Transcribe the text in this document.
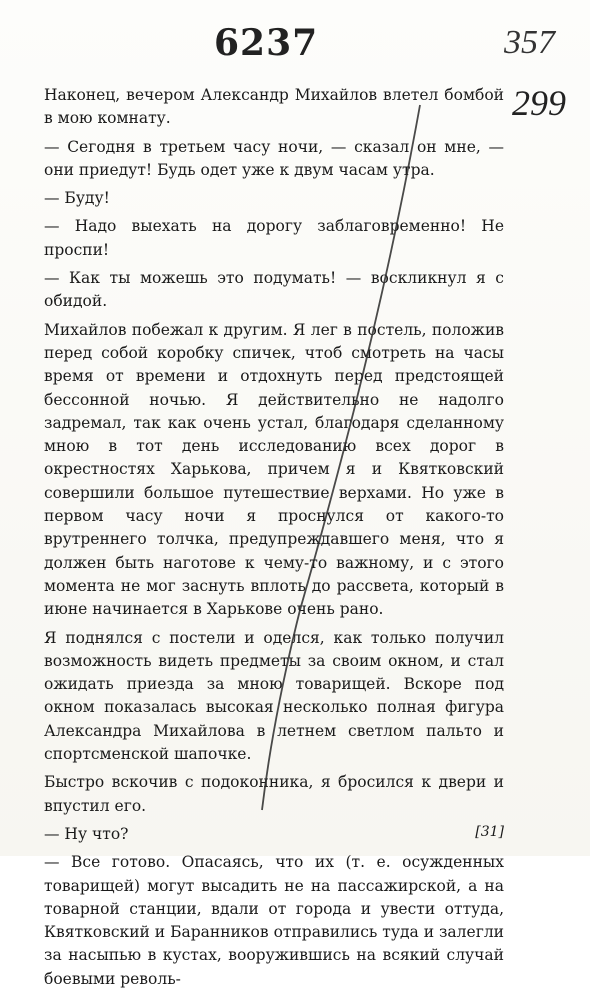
6237	357
299

Наконец, вечером Александр Михайлов влетел бомбой в мою комнату.

— Сегодня в третьем часу ночи, — сказал он мне, — они приедут! Будь одет уже к двум часам утра.

— Буду!

— Надо выехать на дорогу заблаговременно! Не проспи!

— Как ты можешь это подумать! — воскликнул я с обидой.

Михайлов побежал к другим. Я лег в постель, положив перед собой коробку спичек, чтоб смотреть на часы время от времени и отдохнуть перед предстоящей бессонной ночью. Я действительно не надолго задремал, так как очень устал, благодаря сделанному мною в тот день исследованию всех дорог в окрестностях Харькова, причем я и Квятковский совершили большое путешествие верхами. Но уже в первом часу ночи я проснулся от какого-то врутреннего толчка, предупреждавшего меня, что я должен быть наготове к чему-то важному, и с этого момента не мог заснуть вплоть до рассвета, который в июне начинается в Харькове очень рано.

Я поднялся с постели и оделся, как только получил возможность видеть предметы за своим окном, и стал ожидать приезда за мною товарищей. Вскоре под окном показалась высокая несколько полная фигура Александра Михайлова в летнем светлом пальто и спортсменской шапочке.

Быстро вскочив с подоконника, я бросился к двери и впустил его.

— Ну что?

— Все готово. Опасаясь, что их (т. е. осужденных товарищей) могут высадить не на пассажирской, а на товарной станции, вдали от города и увести оттуда, Квятковский и Баранников отправились туда и залегли за насыпью в кустах, вооружившись на всякий случай боевыми револь-

[ 31]
